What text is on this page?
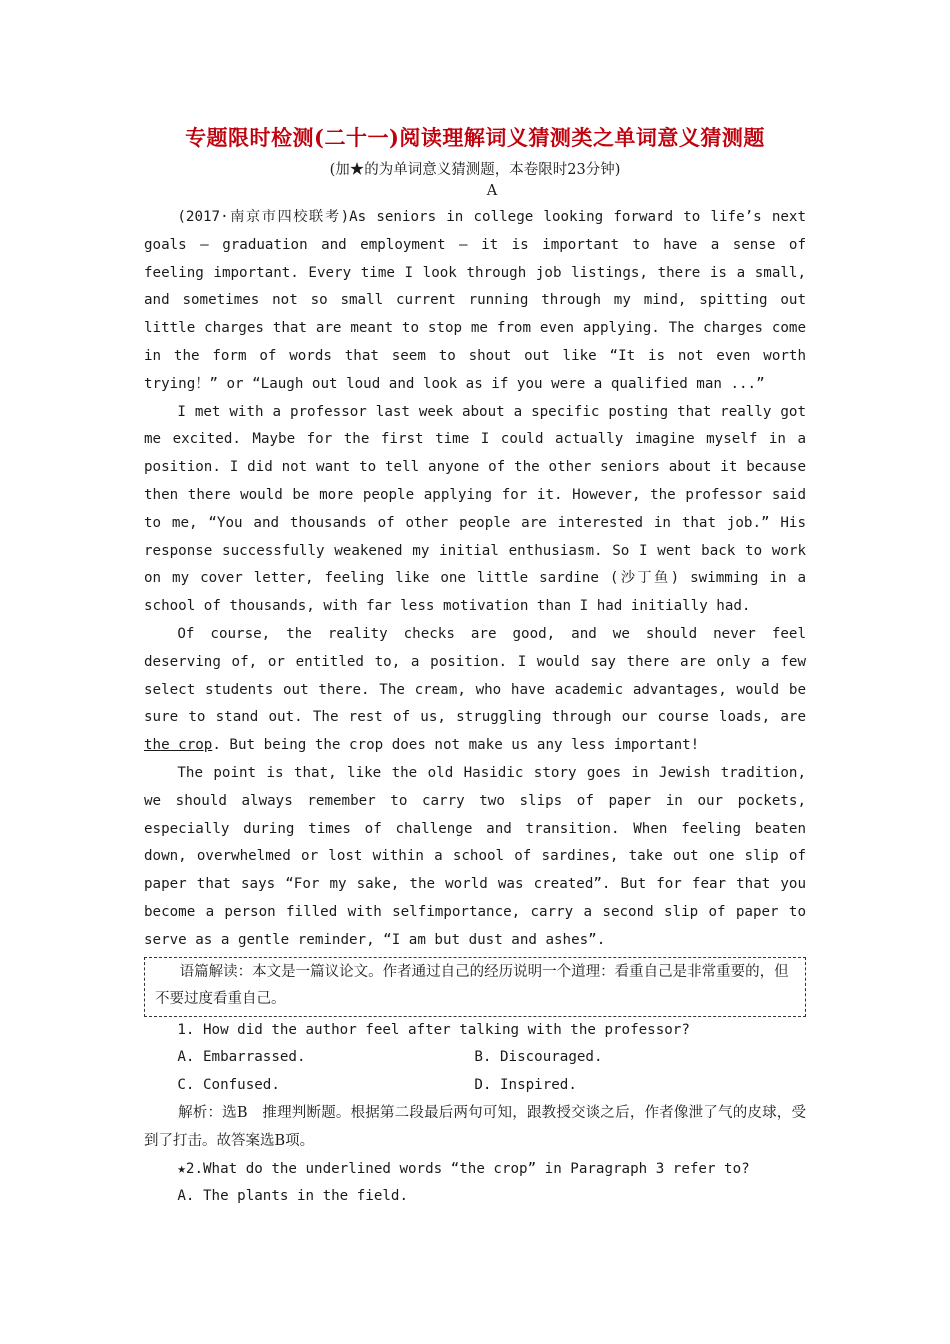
专题限时检测(二十一)阅读理解词义猜测类之单词意义猜测题
(加★的为单词意义猜测题，本卷限时23分钟)
A

(2017·南京市四校联考)As seniors in college looking forward to life’s next goals — graduation and employment — it is important to have a sense of feeling important. Every time I look through job listings, there is a small, and sometimes not so small current running through my mind, spitting out little charges that are meant to stop me from even applying. The charges come in the form of words that seem to shout out like “It is not even worth trying！” or “Laugh out loud and look as if you were a qualified man ...”

I met with a professor last week about a specific posting that really got me excited. Maybe for the first time I could actually imagine myself in a position. I did not want to tell anyone of the other seniors about it because then there would be more people applying for it. However, the professor said to me, “You and thousands of other people are interested in that job.” His response successfully weakened my initial enthusiasm. So I went back to work on my cover letter, feeling like one little sardine (沙丁鱼) swimming in a school of thousands, with far less motivation than I had initially had.

Of course, the reality checks are good, and we should never feel deserving of, or entitled to, a position. I would say there are only a few select students out there. The cream, who have academic advantages, would be sure to stand out. The rest of us, struggling through our course loads, are the crop. But being the crop does not make us any less important!

The point is that, like the old Hasidic story goes in Jewish tradition, we should always remember to carry two slips of paper in our pockets, especially during times of challenge and transition. When feeling beaten down, overwhelmed or lost within a school of sardines, take out one slip of paper that says “For my sake, the world was created”. But for fear that you become a person filled with selfimportance, carry a second slip of paper to serve as a gentle reminder, “I am but dust and ashes”.

语篇解读：本文是一篇议论文。作者通过自己的经历说明一个道理：看重自己是非常重要的，但不要过度看重自己。

1. How did the author feel after talking with the professor?

A. Embarrassed.	B. Discouraged.
C. Confused.	D. Inspired.

解析：选B　推理判断题。根据第二段最后两句可知，跟教授交谈之后，作者像泄了气的皮球，受到了打击。故答案选B项。

★2.What do the underlined words “the crop” in Paragraph 3 refer to?

A. The plants in the field.
